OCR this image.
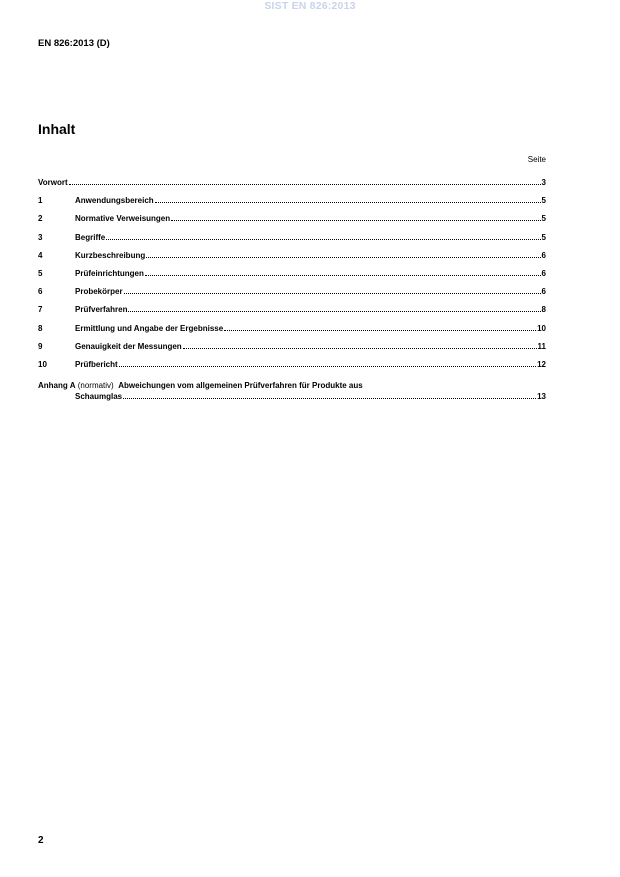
SIST EN 826:2013
EN 826:2013 (D)
Inhalt
Seite
Vorwort	3
1	Anwendungsbereich	5
2	Normative Verweisungen	5
3	Begriffe	5
4	Kurzbeschreibung	6
5	Prüfeinrichtungen	6
6	Probekörper	6
7	Prüfverfahren	8
8	Ermittlung und Angabe der Ergebnisse	10
9	Genauigkeit der Messungen	11
10	Prüfbericht	12
Anhang A (normativ) Abweichungen vom allgemeinen Prüfverfahren für Produkte aus
Schaumglas	13
2
